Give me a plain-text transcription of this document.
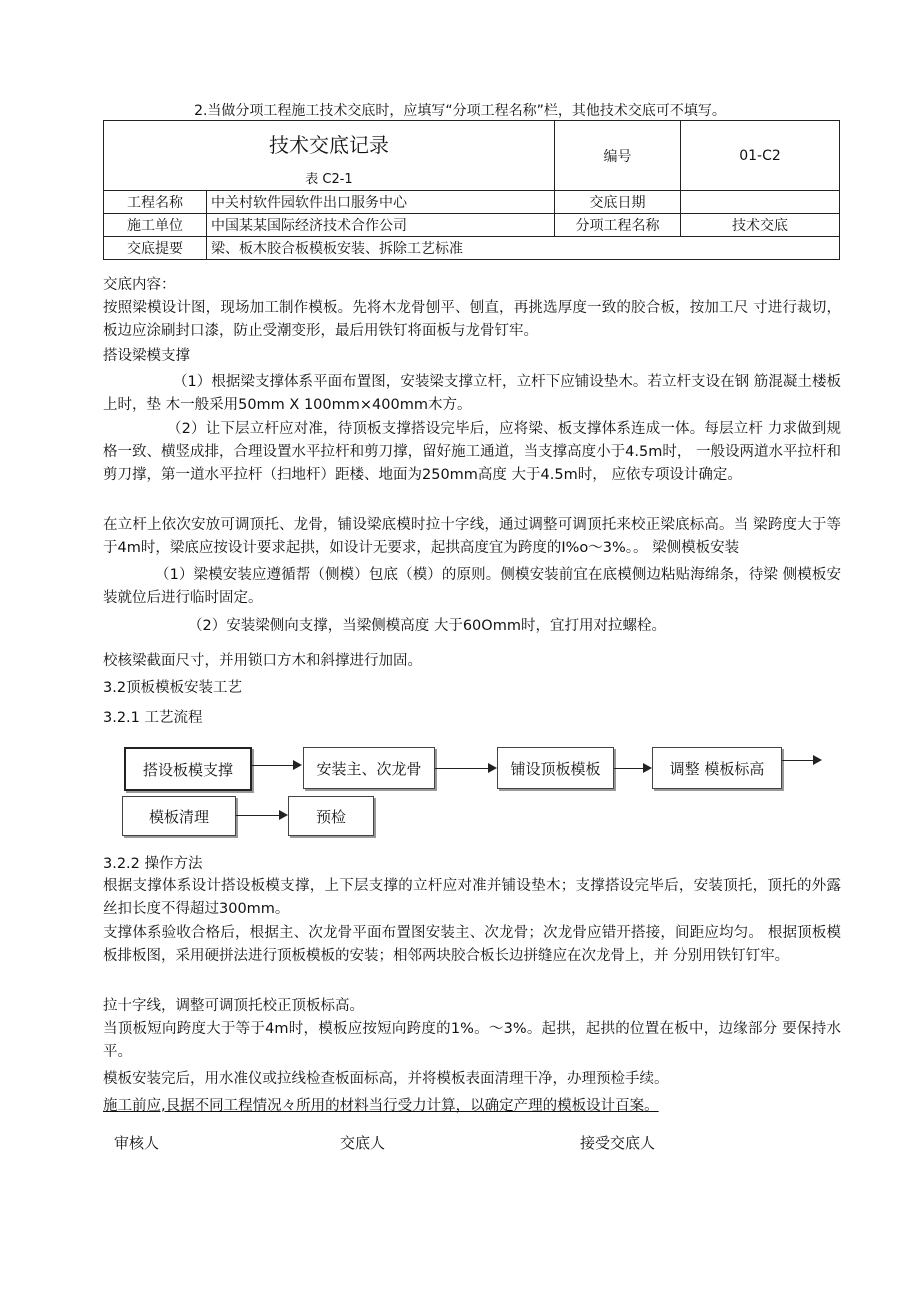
2.当做分项工程施工技术交底时，应填写“分项工程名称”栏，其他技术交底可不填写。
技术交底记录
表 C2-1		编号	01-C2
工程名称	中关村软件园软件出口服务中心	交底日期	
施工单位	中国某某国际经济技术合作公司	分项工程名称	技术交底
交底提要	梁、板木胶合板模板安装、拆除工艺标准		
交底内容：
按照梁模设计图，现场加工制作模板。先将木龙骨刨平、刨直，再挑选厚度一致的胶合板，按加工尺 寸进行裁切，板边应涂刷封口漆，防止受潮变形，最后用铁钉将面板与龙骨钉牢。
搭设梁模支撑
（1）根据梁支撑体系平面布置图，安装梁支撑立杆，立杆下应铺设垫木。若立杆支设在钢 筋混凝土楼板上时，垫 木一般采用50mm X 100mm×400mm木方。
（2）让下层立杆应对准，待顶板支撑搭设完毕后，应将梁、板支撑体系连成一体。每层立杆 力求做到规格一致、横竖成排，合理设置水平拉杆和剪刀撑，留好施工通道，当支撑高度小于4.5m时， 一般设两道水平拉杆和剪刀撑，第一道水平拉杆（扫地杆）距楼、地面为250mm高度 大于4.5m时， 应依专项设计确定。
在立杆上依次安放可调顶托、龙骨，铺设梁底模时拉十字线，通过调整可调顶托来校正梁底标高。当 梁跨度大于等于4m时，梁底应按设计要求起拱，如设计无要求，起拱高度宜为跨度的I%o～3%。。 梁侧模板安装
（1）梁模安装应遵循帮（侧模）包底（模）的原则。侧模安装前宜在底模侧边粘贴海绵条，待梁 侧模板安装就位后进行临时固定。
（2）安装梁侧向支撑，当梁侧模高度 大于60Omm时，宜打用对拉螺栓。
校核梁截面尺寸，并用锁口方木和斜撑进行加固。
3.2顶板模板安装工艺
3.2.1 工艺流程
搭设板模支撑	安装主、次龙骨	铺设顶板模板	调整 模板标高
模板清理	预检
3.2.2 操作方法
根据支撑体系设计搭设板模支撑，上下层支撑的立杆应对准并铺设垫木；支撑搭设完毕后，安装顶托，顶托的外露丝扣长度不得超过300mm。
支撑体系验收合格后，根据主、次龙骨平面布置图安装主、次龙骨；次龙骨应错开搭接，间距应均匀。 根据顶板模板排板图，采用硬拼法进行顶板模板的安装；相邻两块胶合板长边拼缝应在次龙骨上，并 分别用铁钉钉牢。
拉十字线，调整可调顶托校正顶板标高。
当顶板短向跨度大于等于4m时，模板应按短向跨度的1%。～3%。起拱，起拱的位置在板中，边缘部分 要保持水平。
模板安装完后，用水准仪或拉线检查板面标高，并将模板表面清理干净，办理预检手续。
施工前应,艮据不同工程情况々所用的材料当行受力计算，以确定产理的模板设计百案。
审核人	交底人	接受交底人
